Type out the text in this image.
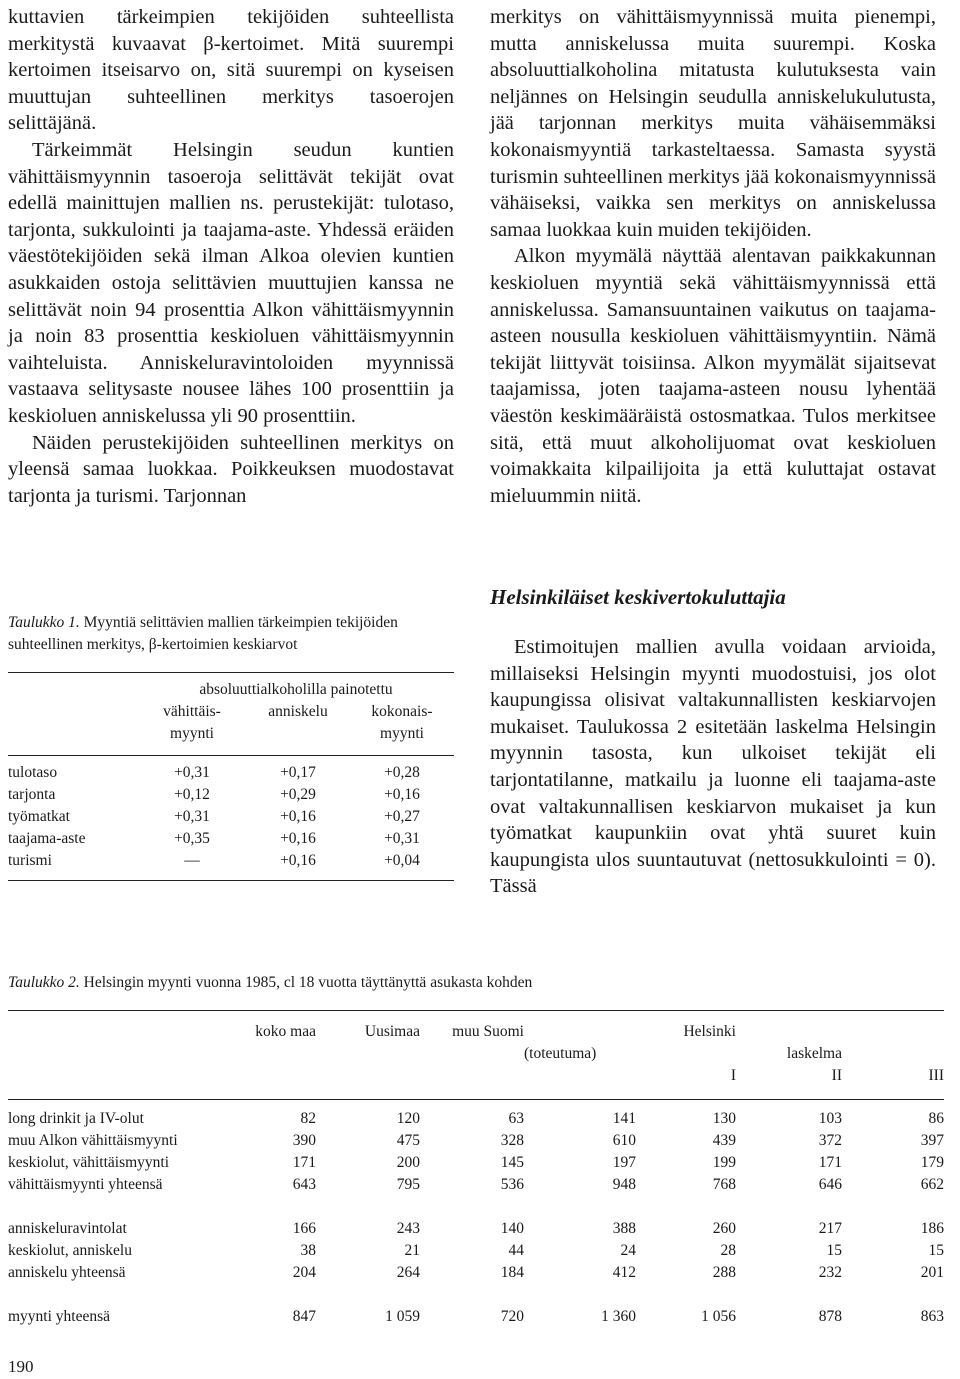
kuttavien tärkeimpien tekijöiden suhteellista merkitystä kuvaavat β-kertoimet. Mitä suurempi kertoimen itseisarvo on, sitä suurempi on kyseisen muuttujan suhteellinen merkitys tasoerojen selittäjänä.

Tärkeimmät Helsingin seudun kuntien vähittäismyynnin tasoeroja selittävät tekijät ovat edellä mainittujen mallien ns. perustekijät: tulotaso, tarjonta, sukkulointi ja taajama-aste. Yhdessä eräiden väestötekijöiden sekä ilman Alkoa olevien kuntien asukkaiden ostoja selittävien muuttujien kanssa ne selittävät noin 94 prosenttia Alkon vähittäismyynnin ja noin 83 prosenttia keskioluen vähittäismyynnin vaihteluista. Anniskeluravintoloiden myynnissä vastaava selitysaste nousee lähes 100 prosenttiin ja keskioluen anniskelussa yli 90 prosenttiin.

Näiden perustekijöiden suhteellinen merkitys on yleensä samaa luokkaa. Poikkeuksen muodostavat tarjonta ja turismi. Tarjonnan

merkitys on vähittäismyynnissä muita pienempi, mutta anniskelussa muita suurempi. Koska absoluuttialkoholina mitatusta kulutuksesta vain neljännes on Helsingin seudulla anniskelukulutusta, jää tarjonnan merkitys muita vähäisemmäksi kokonaismyyntiä tarkasteltaessa. Samasta syystä turismin suhteellinen merkitys jää kokonaismyynnissä vähäiseksi, vaikka sen merkitys on anniskelussa samaa luokkaa kuin muiden tekijöiden.

Alkon myymälä näyttää alentavan paikkakunnan keskioluen myyntiä sekä vähittäismyynnissä että anniskelussa. Samansuuntainen vaikutus on taajama-asteen nousulla keskioluen vähittäismyyntiin. Nämä tekijät liittyvät toisiinsa. Alkon myymälät sijaitsevat taajamissa, joten taajama-asteen nousu lyhentää väestön keskimääräistä ostosmatkaa. Tulos merkitsee sitä, että muut alkoholijuomat ovat keskioluen voimakkaita kilpailijoita ja että kuluttajat ostavat mieluummin niitä.

Helsinkiläiset keskivertokuluttajia

Estimoitujen mallien avulla voidaan arvioida, millaiseksi Helsingin myynti muodostuisi, jos olot kaupungissa olisivat valtakunnallisten keskiarvojen mukaiset. Taulukossa 2 esitetään laskelma Helsingin myynnin tasosta, kun ulkoiset tekijät eli tarjontatilanne, matkailu ja luonne eli taajama-aste ovat valtakunnallisen keskiarvon mukaiset ja kun työmatkat kaupunkiin ovat yhtä suuret kuin kaupungista ulos suuntautuvat (nettosukkulointi = 0). Tässä

Taulukko 1. Myyntiä selittävien mallien tärkeimpien tekijöiden suhteellinen merkitys, β-kertoimien keskiarvot
	absoluuttialkoholilla painotettu		
	vähittäis-	anniskelu	kokonais-
	myynti		myynti
tulotaso	+0,31	+0,17	+0,28
tarjonta	+0,12	+0,29	+0,16
työmatkat	+0,31	+0,16	+0,27
taajama-aste	+0,35	+0,16	+0,31
turismi	—	+0,16	+0,04
Taulukko 2. Helsingin myynti vuonna 1985, cl 18 vuotta täyttänyttä asukasta kohden
	koko maa	Uusimaa	muu Suomi		Helsinki		
				(toteutuma)		laskelma	
					I	II	III
long drinkit ja IV-olut	82	120	63	141	130	103	86
muu Alkon vähittäismyynti	390	475	328	610	439	372	397
keskiolut, vähittäismyynti	171	200	145	197	199	171	179
vähittäismyynti yhteensä	643	795	536	948	768	646	662

anniskeluravintolat	166	243	140	388	260	217	186
keskiolut, anniskelu	38	21	44	24	28	15	15
anniskelu yhteensä	204	264	184	412	288	232	201

myynti yhteensä	847	1 059	720	1 360	1 056	878	863
190
